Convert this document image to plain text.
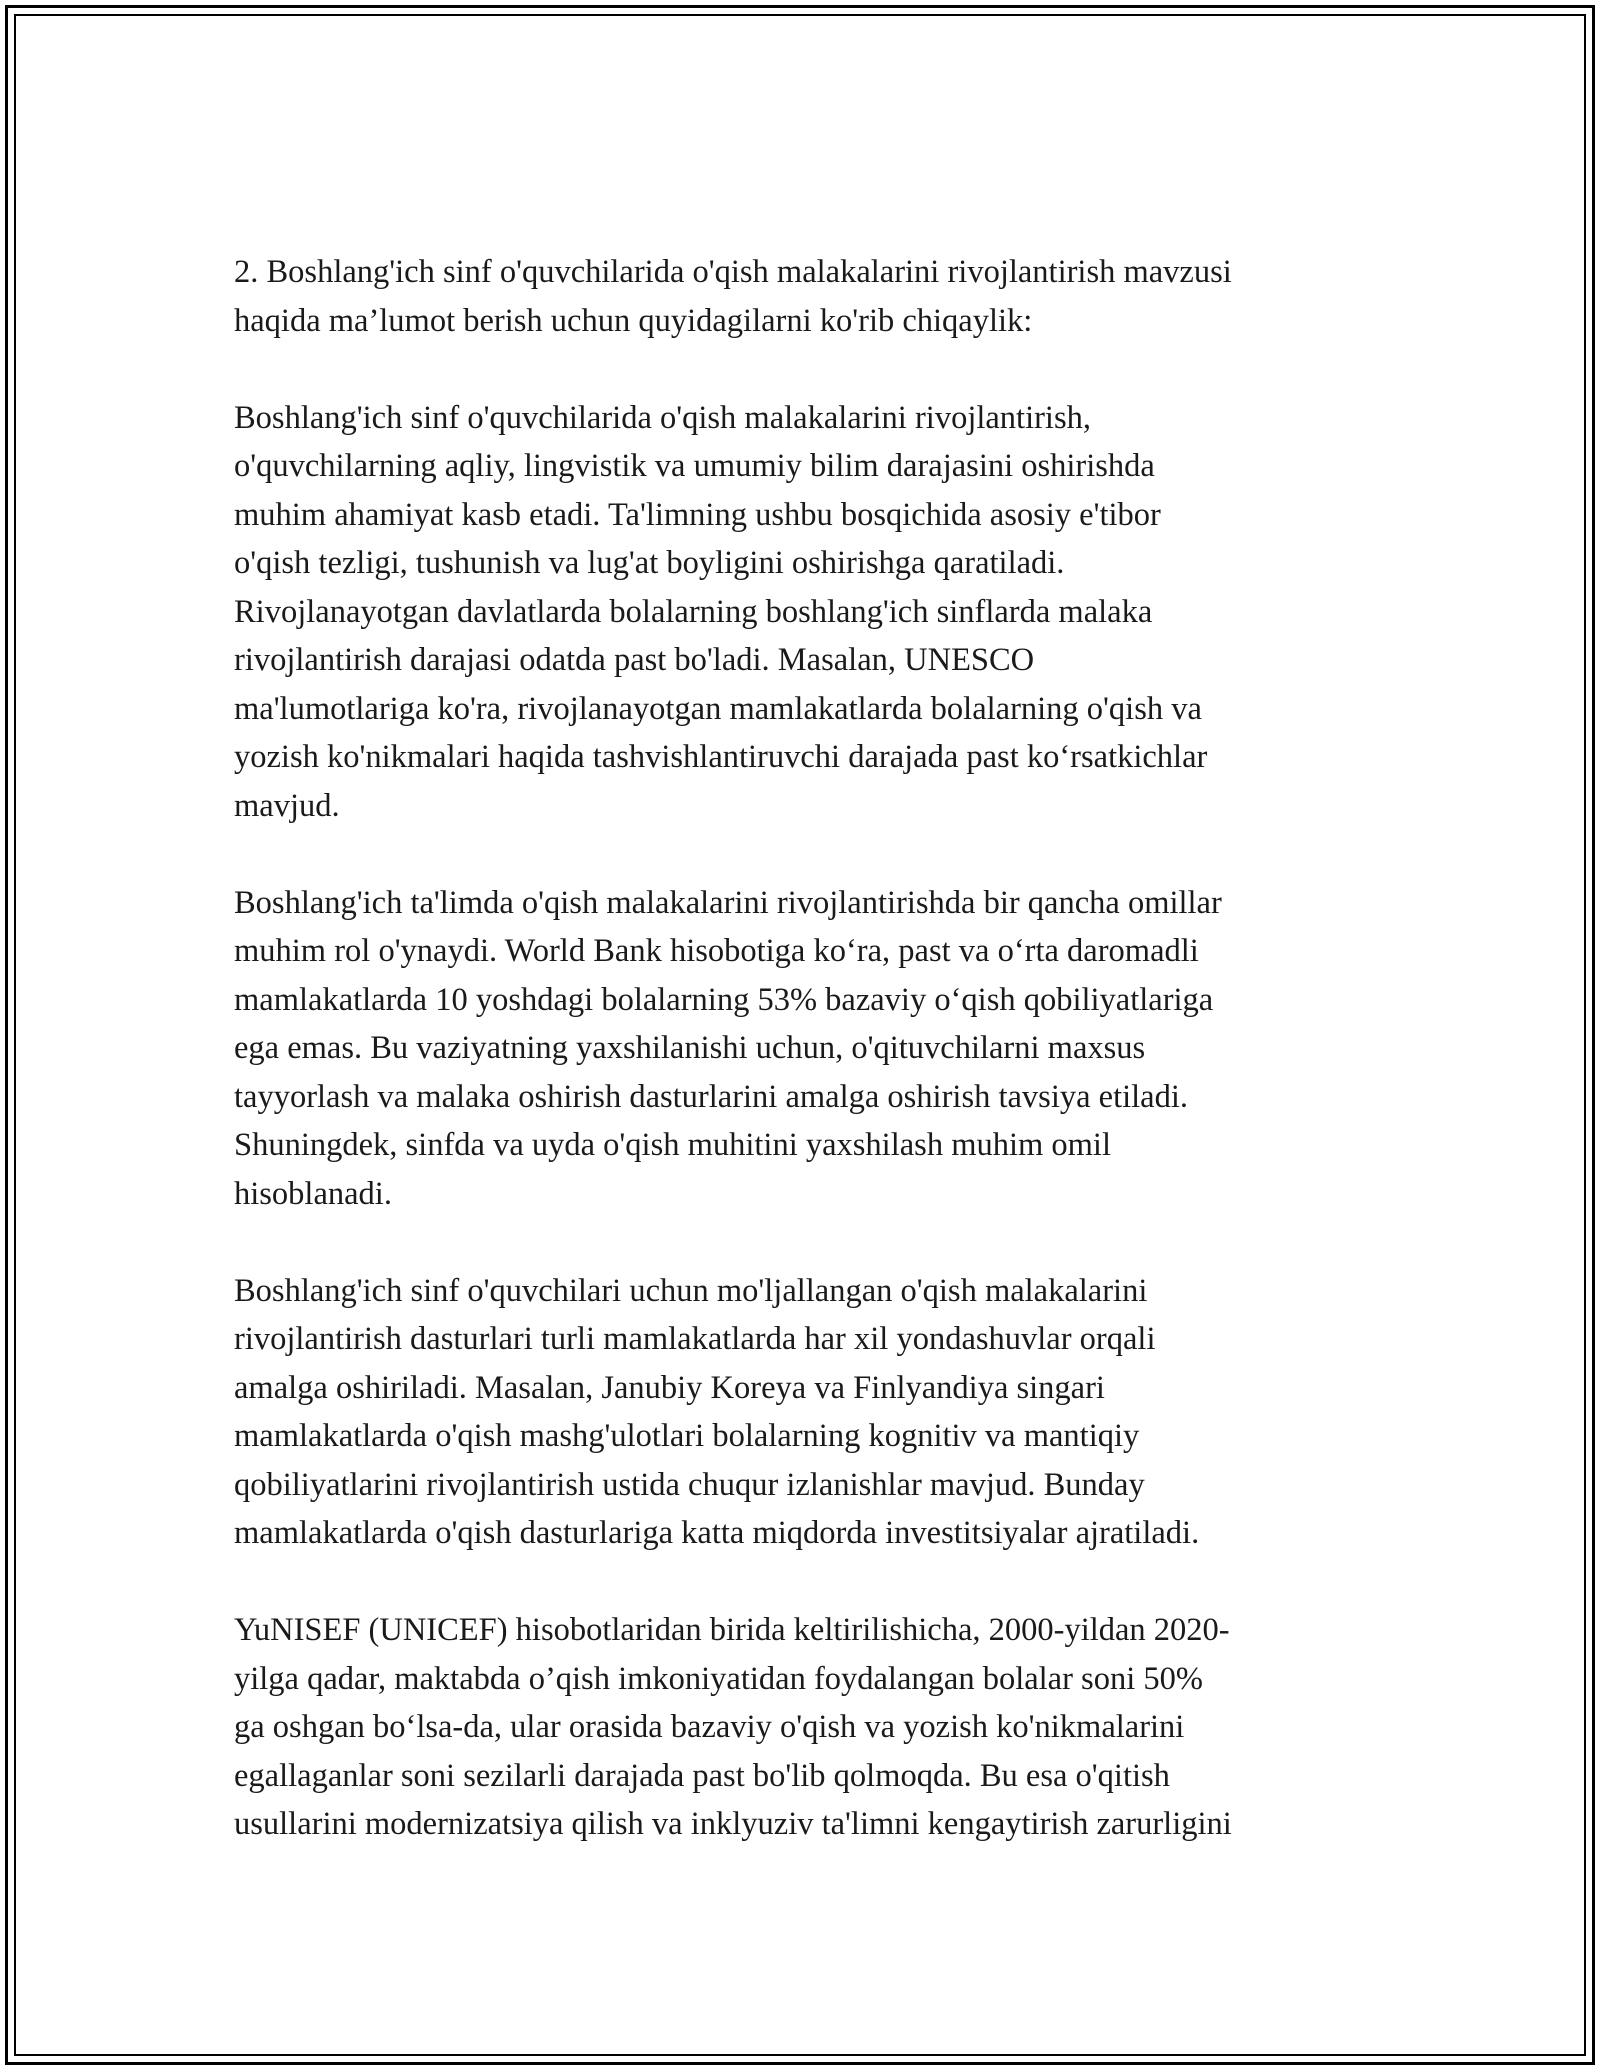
2. Boshlang'ich sinf o'quvchilarida o'qish malakalarini rivojlantirish mavzusi
haqida ma’lumot berish uchun quyidagilarni ko'rib chiqaylik:
Boshlang'ich sinf o'quvchilarida o'qish malakalarini rivojlantirish,
o'quvchilarning aqliy, lingvistik va umumiy bilim darajasini oshirishda
muhim ahamiyat kasb etadi. Ta'limning ushbu bosqichida asosiy e'tibor
o'qish tezligi, tushunish va lug'at boyligini oshirishga qaratiladi.
Rivojlanayotgan davlatlarda bolalarning boshlang'ich sinflarda malaka
rivojlantirish darajasi odatda past bo'ladi. Masalan, UNESCO
ma'lumotlariga ko'ra, rivojlanayotgan mamlakatlarda bolalarning o'qish va
yozish ko'nikmalari haqida tashvishlantiruvchi darajada past koʻrsatkichlar
mavjud.
Boshlang'ich ta'limda o'qish malakalarini rivojlantirishda bir qancha omillar
muhim rol o'ynaydi. World Bank hisobotiga koʻra, past va oʻrta daromadli
mamlakatlarda 10 yoshdagi bolalarning 53% bazaviy oʻqish qobiliyatlariga
ega emas. Bu vaziyatning yaxshilanishi uchun, o'qituvchilarni maxsus
tayyorlash va malaka oshirish dasturlarini amalga oshirish tavsiya etiladi.
Shuningdek, sinfda va uyda o'qish muhitini yaxshilash muhim omil
hisoblanadi.
Boshlang'ich sinf o'quvchilari uchun mo'ljallangan o'qish malakalarini
rivojlantirish dasturlari turli mamlakatlarda har xil yondashuvlar orqali
amalga oshiriladi. Masalan, Janubiy Koreya va Finlyandiya singari
mamlakatlarda o'qish mashg'ulotlari bolalarning kognitiv va mantiqiy
qobiliyatlarini rivojlantirish ustida chuqur izlanishlar mavjud. Bunday
mamlakatlarda o'qish dasturlariga katta miqdorda investitsiyalar ajratiladi.
YuNISEF (UNICEF) hisobotlaridan birida keltirilishicha, 2000-yildan 2020-
yilga qadar, maktabda o’qish imkoniyatidan foydalangan bolalar soni 50%
ga oshgan boʻlsa-da, ular orasida bazaviy o'qish va yozish ko'nikmalarini
egallaganlar soni sezilarli darajada past bo'lib qolmoqda. Bu esa o'qitish
usullarini modernizatsiya qilish va inklyuziv ta'limni kengaytirish zarurligini
